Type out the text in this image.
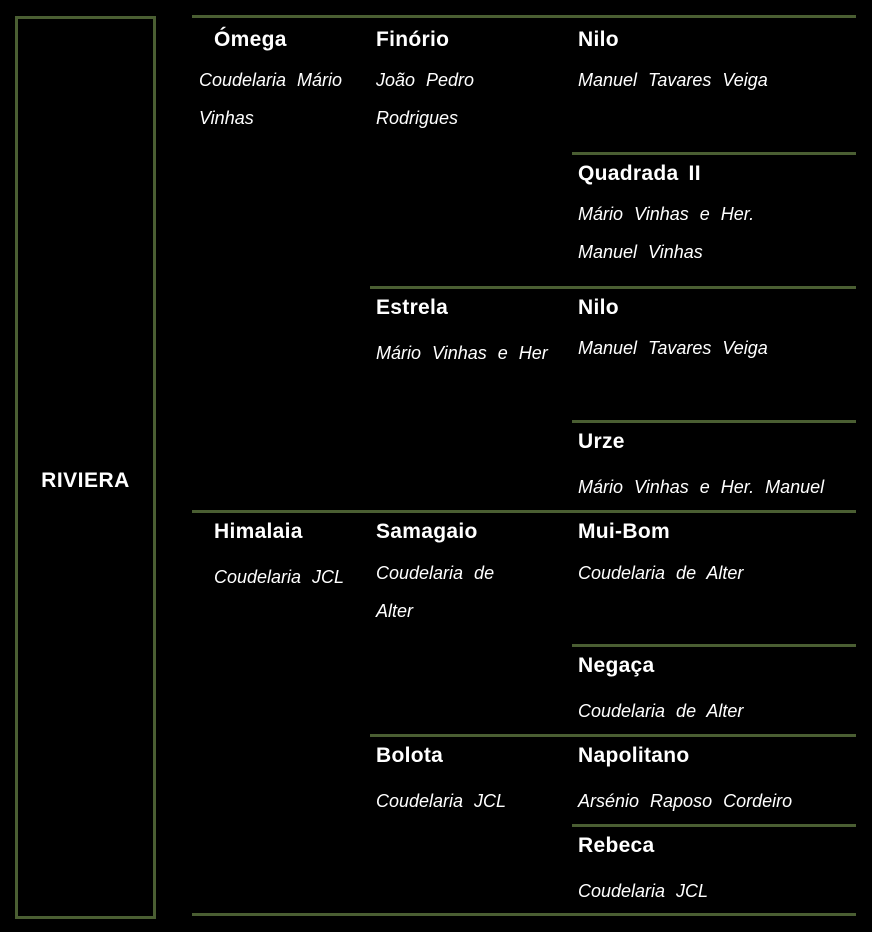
RIVIERA
Ómega
Coudelaria Mário Vinhas
Himalaia
Coudelaria JCL
Finório
João Pedro Rodrigues
Estrela
Mário Vinhas e Her
Samagaio
Coudelaria de Alter
Bolota
Coudelaria JCL
Nilo
Manuel Tavares Veiga
Quadrada II
Mário Vinhas e Her. Manuel Vinhas
Nilo
Manuel Tavares Veiga
Urze
Mário Vinhas e Her. Manuel
Mui-Bom
Coudelaria de Alter
Negaça
Coudelaria de Alter
Napolitano
Arsénio Raposo Cordeiro
Rebeca
Coudelaria JCL
